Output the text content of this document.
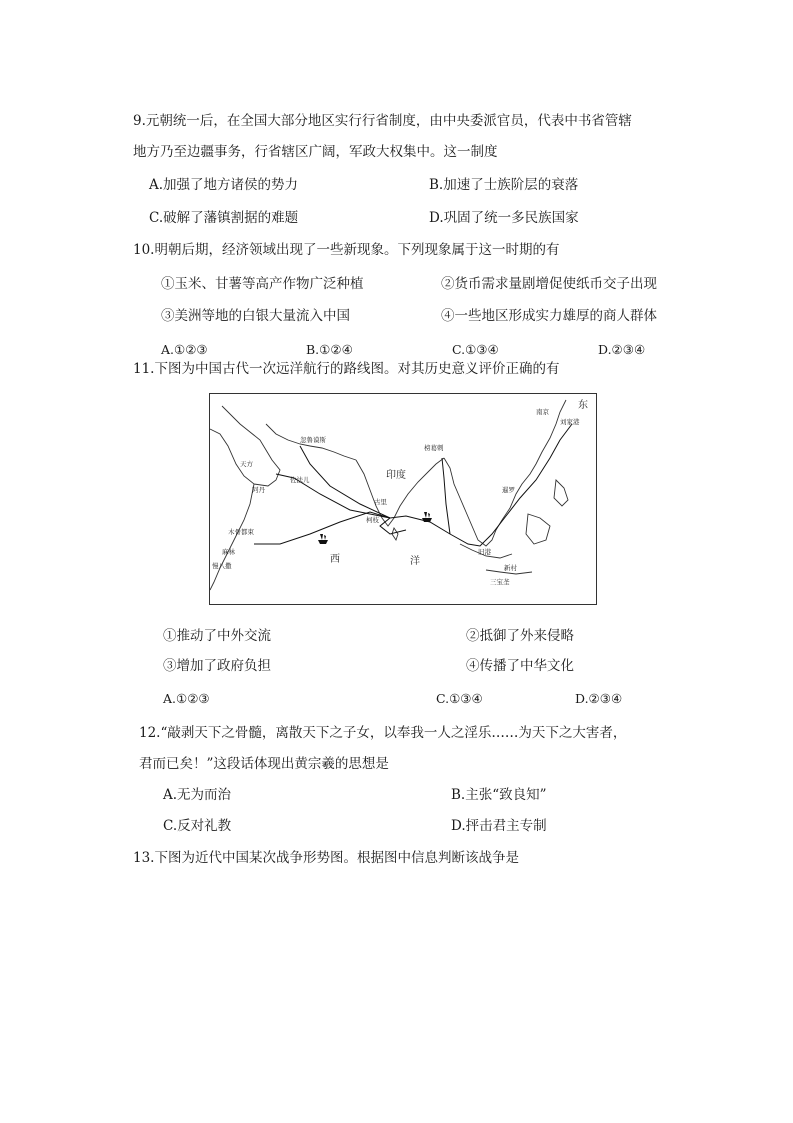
9.元朝统一后，在全国大部分地区实行行省制度，由中央委派官员，代表中书省管辖
地方乃至边疆事务，行省辖区广阔，军政大权集中。这一制度
A.加强了地方诸侯的势力	B.加速了士族阶层的衰落
C.破解了藩镇割据的难题	D.巩固了统一多民族国家
10.明朝后期，经济领域出现了一些新现象。下列现象属于这一时期的有
①玉米、甘薯等高产作物广泛种植	②货币需求量剧增促使纸币交子出现
③美洲等地的白银大量流入中国	④一些地区形成实力雄厚的商人群体
A.①②③	B.①②④	C.①③④	D.②③④
11.下图为中国古代一次远洋航行的路线图。对其历史意义评价正确的有
天方
忽鲁谟斯
佐法儿
阿丹
木骨都束
麻林
慢八撒
印度
榜葛剌
古里
柯枝
暹罗
南京
刘家港
东
西	洋
新村
三宝垄
旧港
①推动了中外交流	②抵御了外来侵略
③增加了政府负担	④传播了中华文化
A.①②③	C.①③④	D.②③④
12.“敲剥天下之骨髓，离散天下之子女，以奉我一人之淫乐……为天下之大害者，
君而已矣！”这段话体现出黄宗羲的思想是
A.无为而治	B.主张“致良知”
C.反对礼教	D.抨击君主专制
13.下图为近代中国某次战争形势图。根据图中信息判断该战争是
